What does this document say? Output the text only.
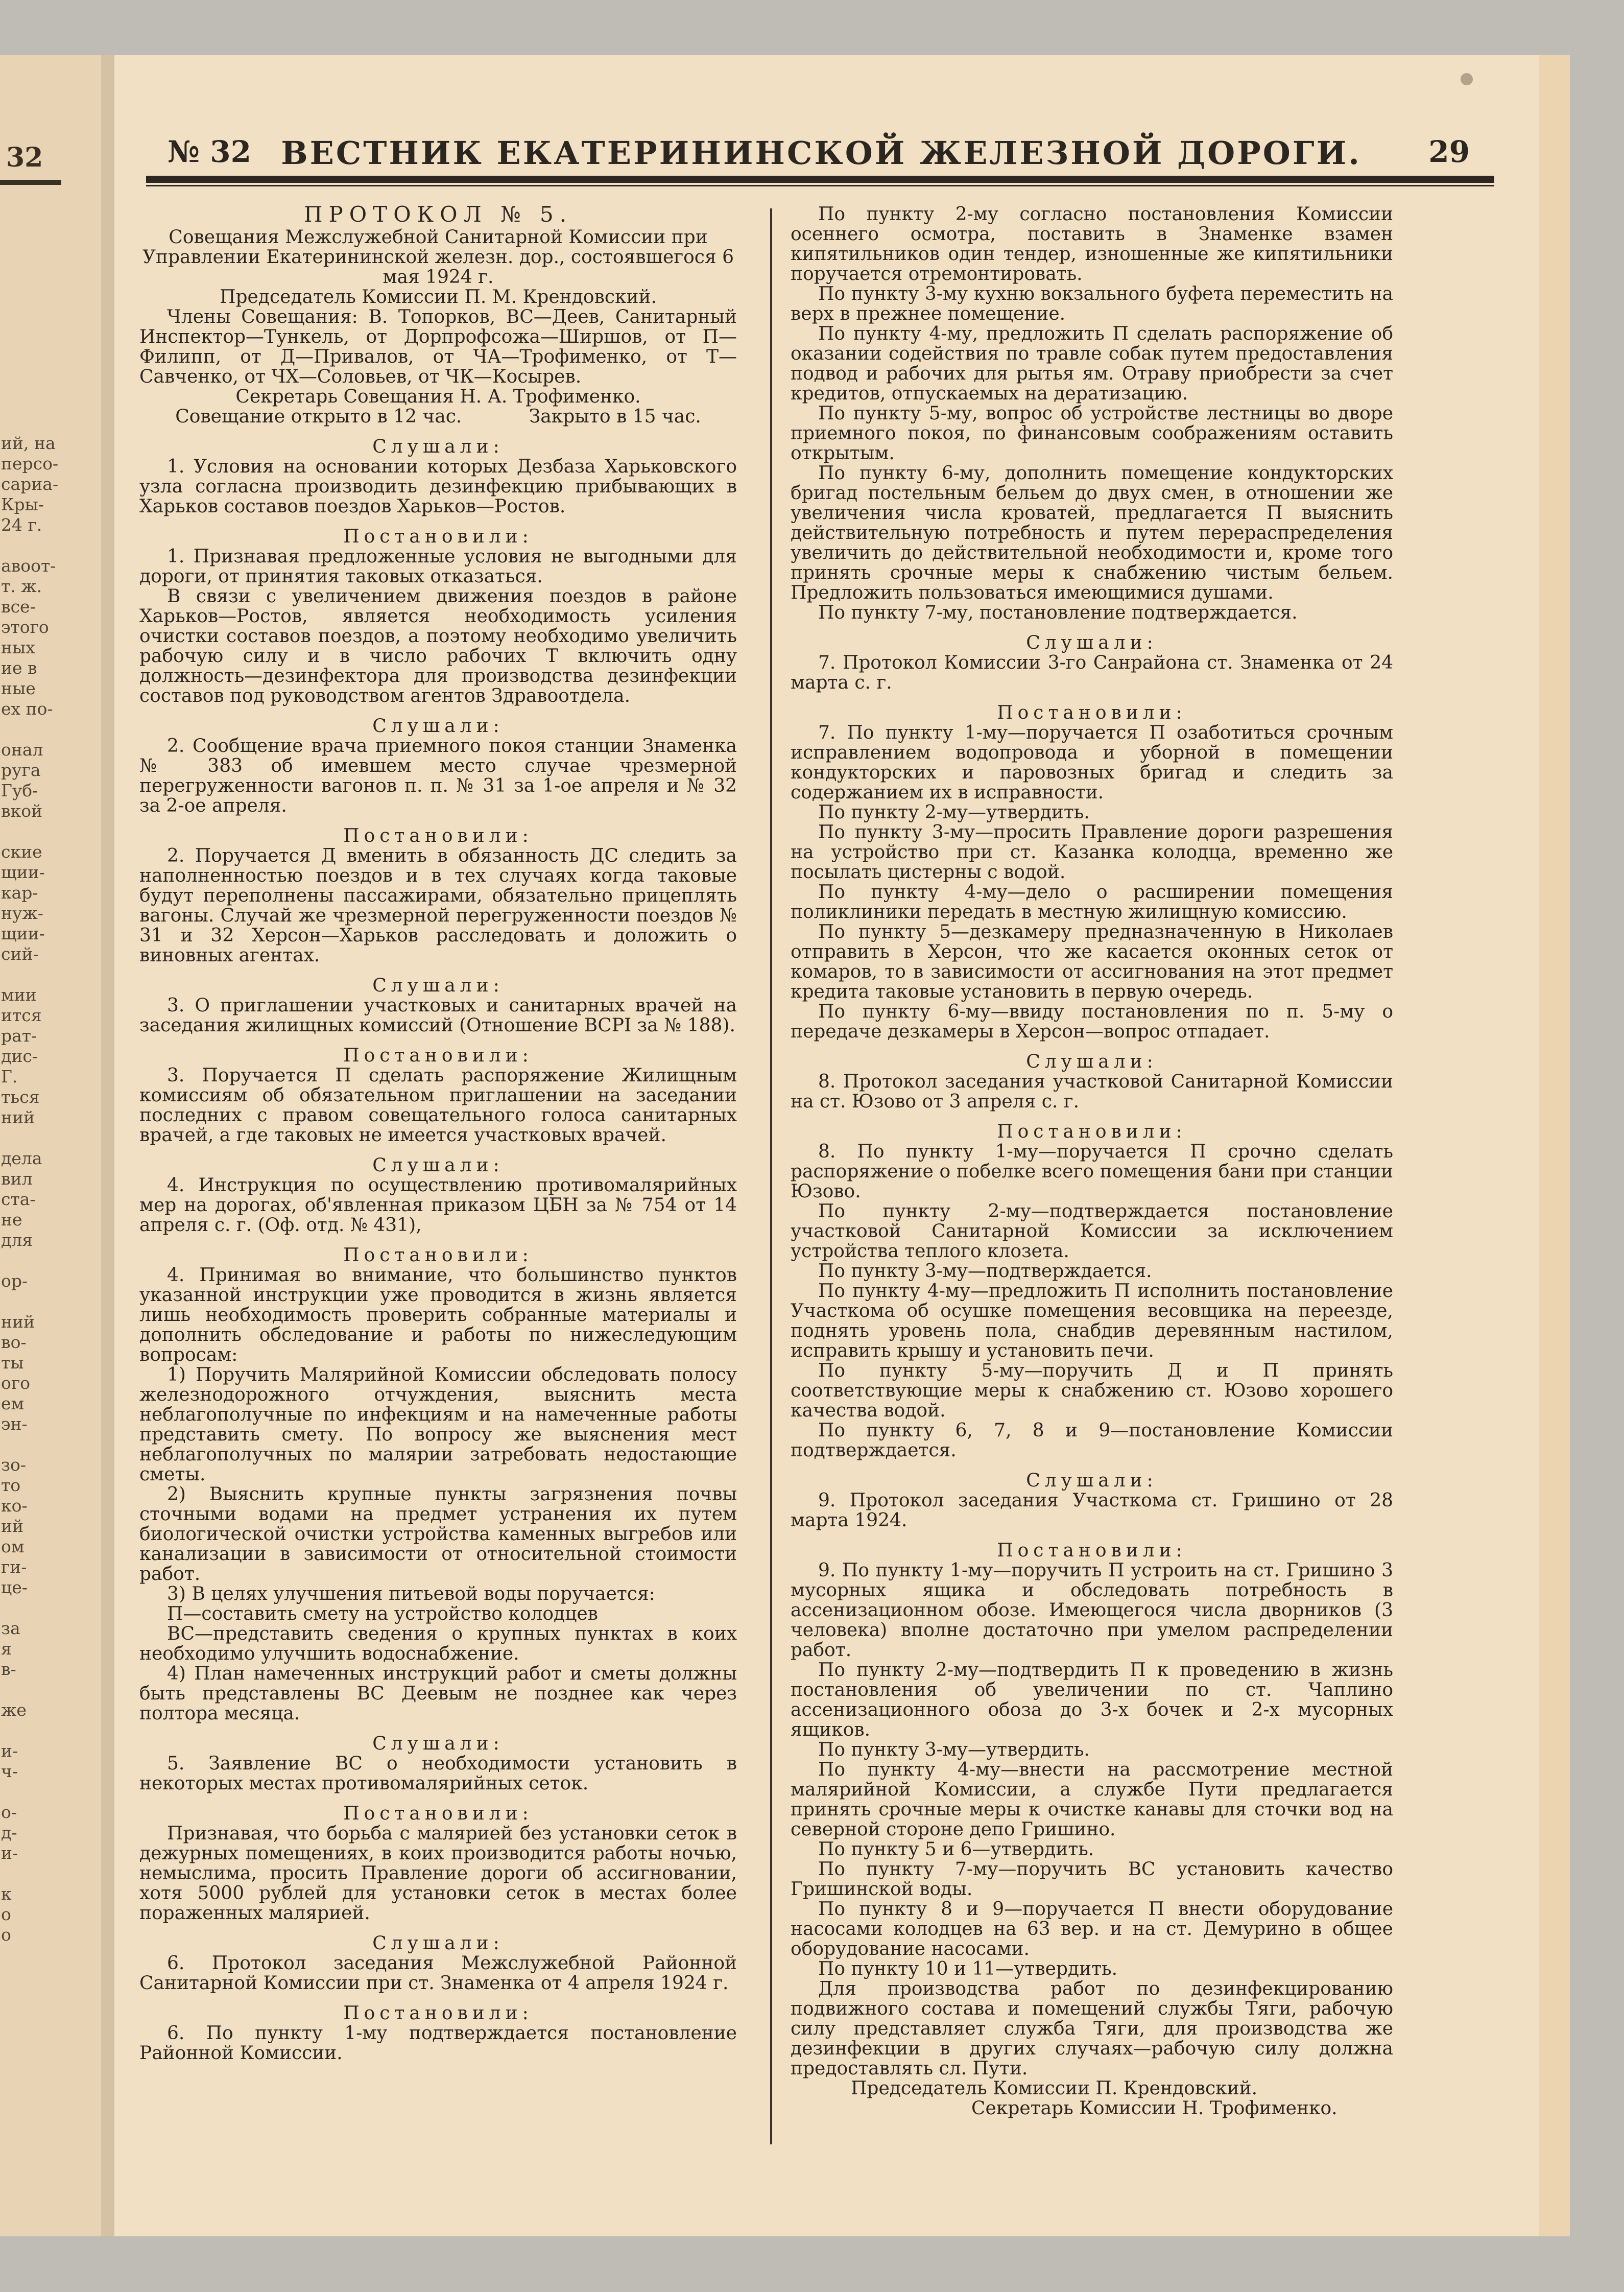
32
ий, на
персо-
сариа-
Кры-
24 г.

авоот-
т. ж.
всe-
этого
ных
ие в
ные
ех по-

онал
руга
Губ-
вкой

ские
щии-
кар-
нуж-
щии-
сий-

мии
ится
рат-
дис-
Г.
ться
ний

дела
вил
ста-
не
для

ор-

ний
во-
ты
ого
ем
эн-

зо-
то
ко-
ий
ом
ги-
це-

за
я
в-

же

и-
ч-

о-
д-
и-

к
о
о
№ 32 ВЕСТНИК ЕКАТЕРИНИНСКОЙ ЖЕЛЕЗНОЙ ДОРОГИ.	29

ПРОТОКОЛ № 5.

Совещания Межслужебной Санитарной Комиссии при Управлении Екатерининской железн. дор., состоявшегося 6 мая 1924 г.

Председатель Комиссии П. М. Крендовский.

Члены Совещания: В. Топорков, ВС—Деев, Санитарный Инспектор—Тункель, от Дорпрофсожа—Ширшов, от П—Филипп, от Д—Привалов, от ЧА—Трофименко, от Т—Савченко, от ЧХ—Соловьев, от ЧК—Косырев.

Секретарь Совещания Н. А. Трофименко.

Совещание открыто в 12 час.	Закрыто в 15 час.

Слушали:

1. Условия на основании которых Дезбаза Харьковского узла согласна производить дезинфекцию прибывающих в Харьков составов поездов Харьков—Ростов.

Постановили:

1. Признавая предложенные условия не выгодными для дороги, от принятия таковых отказаться.

В связи с увеличением движения поездов в районе Харьков—Ростов, является необходимость усиления очистки составов поездов, а поэтому необходимо увеличить рабочую силу и в число рабочих Т включить одну должность—дезинфектора для производства дезинфекции составов под руководством агентов Здравоотдела.

Слушали:

2. Сообщение врача приемного покоя станции Знаменка № 383 об имевшем место случае чрезмерной перегруженности вагонов п. п. № 31 за 1-ое апреля и № 32 за 2-ое апреля.

Постановили:

2. Поручается Д вменить в обязанность ДС следить за наполненностью поездов и в тех случаях когда таковые будут переполнены пассажирами, обязательно прицеплять вагоны. Случай же чрезмерной перегруженности поездов № 31 и 32 Херсон—Харьков расследовать и доложить о виновных агентах.

Слушали:

3. О приглашении участковых и санитарных врачей на заседания жилищных комиссий (Отношение ВСРI за № 188).

Постановили:

3. Поручается П сделать распоряжение Жилищным комиссиям об обязательном приглашении на заседании последних с правом совещательного голоса санитарных врачей, а где таковых не имеется участковых врачей.

Слушали:

4. Инструкция по осуществлению противомалярийных мер на дорогах, об'явленная приказом ЦБН за № 754 от 14 апреля с. г. (Оф. отд. № 431),

Постановили:

4. Принимая во внимание, что большинство пунктов указанной инструкции уже проводится в жизнь является лишь необходимость проверить собранные материалы и дополнить обследование и работы по нижеследующим вопросам:

1) Поручить Малярийной Комиссии обследовать полосу железнодорожного отчуждения, выяснить места неблагополучные по инфекциям и на намеченные работы представить смету. По вопросу же выяснения мест неблагополучных по малярии затребовать недостающие сметы.

2) Выяснить крупные пункты загрязнения почвы сточными водами на предмет устранения их путем биологической очистки устройства каменных выгребов или канализации в зависимости от относительной стоимости работ.

3) В целях улучшения питьевой воды поручается:

П—составить смету на устройство колодцев

ВС—представить сведения о крупных пунктах в коих необходимо улучшить водоснабжение.

4) План намеченных инструкций работ и сметы должны быть представлены ВС Деевым не позднее как через полтора месяца.

Слушали:

5. Заявление ВС о необходимости установить в некоторых местах противомалярийных сеток.

Постановили:

Признавая, что борьба с малярией без установки сеток в дежурных помещениях, в коих производится работы ночью, немыслима, просить Правление дороги об ассигновании, хотя 5000 рублей для установки сеток в местах более пораженных малярией.

Слушали:

6. Протокол заседания Межслужебной Районной Санитарной Комиссии при ст. Знаменка от 4 апреля 1924 г.

Постановили:

6. По пункту 1-му подтверждается постановление Районной Комиссии.

По пункту 2-му согласно постановления Комиссии осеннего осмотра, поставить в Знаменке взамен кипятильников один тендер, изношенные же кипятильники поручается отремонтировать.

По пункту 3-му кухню вокзального буфета переместить на верх в прежнее помещение.

По пункту 4-му, предложить П сделать распоряжение об оказании содействия по травле собак путем предоставления подвод и рабочих для рытья ям. Отраву приобрести за счет кредитов, отпускаемых на дератизацию.

По пункту 5-му, вопрос об устройстве лестницы во дворе приемного покоя, по финансовым соображениям оставить открытым.

По пункту 6-му, дополнить помещение кондукторских бригад постельным бельем до двух смен, в отношении же увеличения числа кроватей, предлагается П выяснить действительную потребность и путем перераспределения увеличить до действительной необходимости и, кроме того принять срочные меры к снабжению чистым бельем. Предложить пользоваться имеющимися душами.

По пункту 7-му, постановление подтверждается.

Слушали:

7. Протокол Комиссии 3-го Санрайона ст. Знаменка от 24 марта с. г.

Постановили:

7. По пункту 1-му—поручается П озаботиться срочным исправлением водопровода и уборной в помещении кондукторских и паровозных бригад и следить за содержанием их в исправности.

По пункту 2-му—утвердить.

По пункту 3-му—просить Правление дороги разрешения на устройство при ст. Казанка колодца, временно же посылать цистерны с водой.

По пункту 4-му—дело о расширении помещения поликлиники передать в местную жилищную комиссию.

По пункту 5—дезкамеру предназначенную в Николаев отправить в Херсон, что же касается оконных сеток от комаров, то в зависимости от ассигнования на этот предмет кредита таковые установить в первую очередь.

По пункту 6-му—ввиду постановления по п. 5-му о передаче дезкамеры в Херсон—вопрос отпадает.

Слушали:

8. Протокол заседания участковой Санитарной Комиссии на ст. Юзово от 3 апреля с. г.

Постановили:

8. По пункту 1-му—поручается П срочно сделать распоряжение о побелке всего помещения бани при станции Юзово.

По пункту 2-му—подтверждается постановление участковой Санитарной Комиссии за исключением устройства теплого клозета.

По пункту 3-му—подтверждается.

По пункту 4-му—предложить П исполнить постановление Участкома об осушке помещения весовщика на переезде, поднять уровень пола, снабдив деревянным настилом, исправить крышу и установить печи.

По пункту 5-му—поручить Д и П принять соответствующие меры к снабжению ст. Юзово хорошего качества водой.

По пункту 6, 7, 8 и 9—постановление Комиссии подтверждается.

Слушали:

9. Протокол заседания Участкома ст. Гришино от 28 марта 1924.

Постановили:

9. По пункту 1-му—поручить П устроить на ст. Гришино 3 мусорных ящика и обследовать потребность в ассенизационном обозе. Имеющегося числа дворников (3 человека) вполне достаточно при умелом распределении работ.

По пункту 2-му—подтвердить П к проведению в жизнь постановления об увеличении по ст. Чаплино ассенизационного обоза до 3-х бочек и 2-х мусорных ящиков.

По пункту 3-му—утвердить.

По пункту 4-му—внести на рассмотрение местной малярийной Комиссии, а службе Пути предлагается принять срочные меры к очистке канавы для сточки вод на северной стороне депо Гришино.

По пункту 5 и 6—утвердить.

По пункту 7-му—поручить ВС установить качество Гришинской воды.

По пункту 8 и 9—поручается П внести оборудование насосами колодцев на 63 вер. и на ст. Демурино в общее оборудование насосами.

По пункту 10 и 11—утвердить.

Для производства работ по дезинфекцированию подвижного состава и помещений службы Тяги, рабочую силу представляет служба Тяги, для производства же дезинфекции в других случаях—рабочую силу должна предоставлять сл. Пути.

Председатель Комиссии П. Крендовский.

Секретарь Комиссии Н. Трофименко.
